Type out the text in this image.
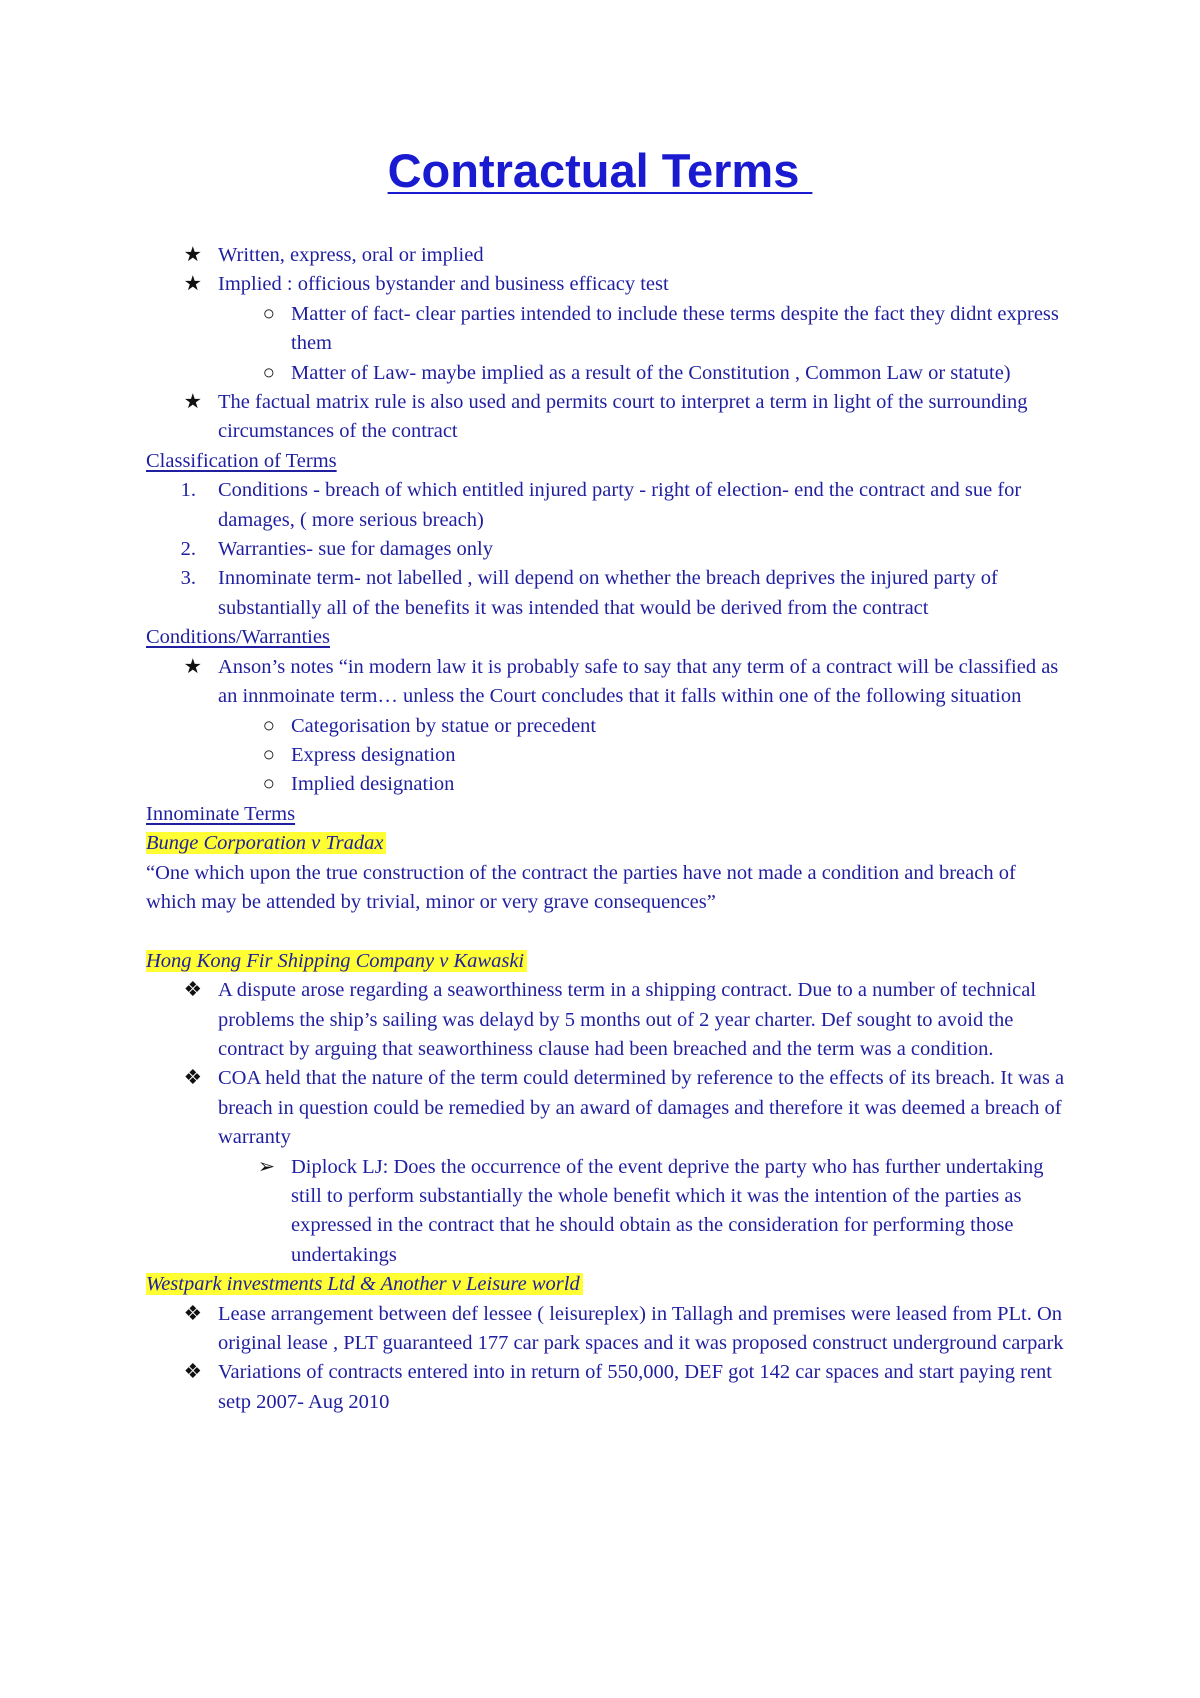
Contractual Terms
★ Written, express, oral or implied
★ Implied : officious bystander and business efficacy test
○ Matter of fact- clear parties intended to include these terms despite the fact they didnt express them
○ Matter of Law- maybe implied as a result of the Constitution , Common Law or statute)
★ The factual matrix rule is also used and permits court to interpret a term in light of the surrounding circumstances of the contract
Classification of Terms
1. Conditions - breach of which entitled injured party - right of election- end the contract and sue for damages, ( more serious breach)
2. Warranties- sue for damages only
3. Innominate term- not labelled , will depend on whether the breach deprives the injured party of substantially all of the benefits it was intended that would be derived from the contract
Conditions/Warranties
★ Anson’s notes “in modern law it is probably safe to say that any term of a contract will be classified as an innmoinate term… unless the Court concludes that it falls within one of the following situation
○ Categorisation by statue or precedent
○ Express designation
○ Implied designation
Innominate Terms
Bunge Corporation v Tradax
“One which upon the true construction of the contract the parties have not made a condition and breach of which may be attended by trivial, minor or very grave consequences”
Hong Kong Fir Shipping Company v Kawaski
❖ A dispute arose regarding a seaworthiness term in a shipping contract. Due to a number of technical problems the ship’s sailing was delayd by 5 months out of 2 year charter. Def sought to avoid the contract by arguing that seaworthiness clause had been breached and the term was a condition.
❖ COA held that the nature of the term could determined by reference to the effects of its breach. It was a breach in question could be remedied by an award of damages and therefore it was deemed a breach of warranty
➢ Diplock LJ: Does the occurrence of the event deprive the party who has further undertaking still to perform substantially the whole benefit which it was the intention of the parties as expressed in the contract that he should obtain as the consideration for performing those undertakings
Westpark investments Ltd & Another v Leisure world
❖ Lease arrangement between def lessee ( leisureplex) in Tallagh and premises were leased from PLt. On original lease , PLT guaranteed 177 car park spaces and it was proposed construct underground carpark
❖ Variations of contracts entered into in return of 550,000, DEF got 142 car spaces and start paying rent setp 2007- Aug 2010
